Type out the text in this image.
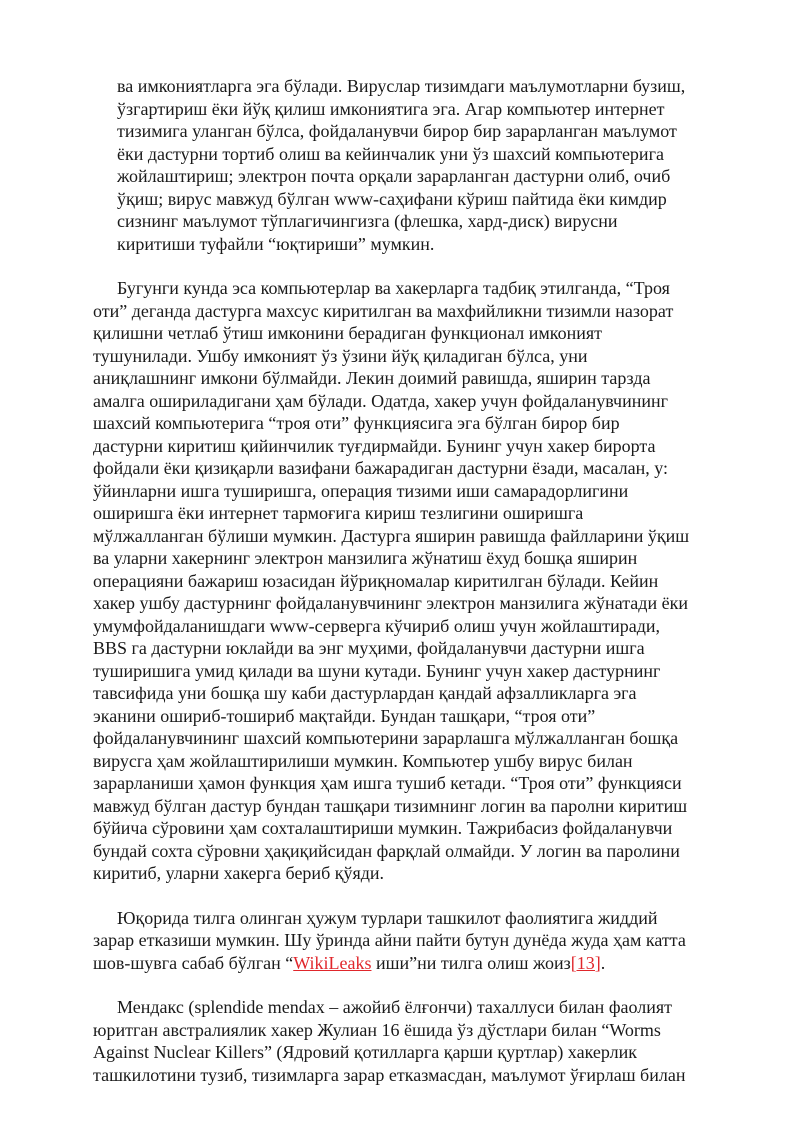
ва имкониятларга эга бўлади. Вируслар тизимдаги маълумотларни бузиш,
ўзгартириш ёки йўқ қилиш имкониятига эга. Агар компьютер интернет
тизимига уланган бўлса, фойдаланувчи бирор бир зарарланган маълумот
ёки дастурни тортиб олиш ва кейинчалик уни ўз шахсий компьютерига
жойлаштириш; электрон почта орқали зарарланган дастурни олиб, очиб
ўқиш; вирус мавжуд бўлган www-саҳифани кўриш пайтида ёки кимдир
сизнинг маълумот тўплагичингизга (флешка, хард-диск) вирусни
киритиши туфайли “юқтириши” мумкин.
Бугунги кунда эса компьютерлар ва хакерларга тадбиқ этилганда, “Троя
оти” деганда дастурга махсус киритилган ва махфийликни тизимли назорат
қилишни четлаб ўтиш имконини берадиган функционал имконият
тушунилади. Ушбу имконият ўз ўзини йўқ қиладиган бўлса, уни
аниқлашнинг имкони бўлмайди. Лекин доимий равишда, яширин тарзда
амалга ошириладигани ҳам бўлади. Одатда, хакер учун фойдаланувчининг
шахсий компьютерига “троя оти” функциясига эга бўлган бирор бир
дастурни киритиш қийинчилик туғдирмайди. Бунинг учун хакер бирорта
фойдали ёки қизиқарли вазифани бажарадиган дастурни ёзади, масалан, у:
ўйинларни ишга туширишга, операция тизими иши самарадорлигини
оширишга ёки интернет тармоғига кириш тезлигини оширишга
мўлжалланган бўлиши мумкин. Дастурга яширин равишда файлларини ўқиш
ва уларни хакернинг электрон манзилига жўнатиш ёхуд бошқа яширин
операцияни бажариш юзасидан йўриқномалар киритилган бўлади. Кейин
хакер ушбу дастурнинг фойдаланувчининг электрон манзилига жўнатади ёки
умумфойдаланишдаги www-серверга кўчириб олиш учун жойлаштиради,
BBS га дастурни юклайди ва энг муҳими, фойдаланувчи дастурни ишга
туширишига умид қилади ва шуни кутади. Бунинг учун хакер дастурнинг
тавсифида уни бошқа шу каби дастурлардан қандай афзалликларга эга
эканини ошириб-тошириб мақтайди. Бундан ташқари, “троя оти”
фойдаланувчининг шахсий компьютерини зарарлашга мўлжалланган бошқа
вирусга ҳам жойлаштирилиши мумкин. Компьютер ушбу вирус билан
зарарланиши ҳамон функция ҳам ишга тушиб кетади. “Троя оти” функцияси
мавжуд бўлган дастур бундан ташқари тизимнинг логин ва паролни киритиш
бўйича сўровини ҳам сохталаштириши мумкин. Тажрибасиз фойдаланувчи
бундай сохта сўровни ҳақиқийсидан фарқлай олмайди. У логин ва паролини
киритиб, уларни хакерга бериб қўяди.
Юқорида тилга олинган ҳужум турлари ташкилот фаолиятига жиддий
зарар етказиши мумкин. Шу ўринда айни пайти бутун дунёда жуда ҳам катта
шов-шувга сабаб бўлган “WikiLeaks иши”ни тилга олиш жоиз[13].
Мендакс (splendide mendax – ажойиб ёлғончи) тахаллуси билан фаолият
юритган австралиялик хакер Жулиан 16 ёшида ўз дўстлари билан “Worms
Against Nuclear Killers” (Ядровий қотилларга қарши қуртлар) хакерлик
ташкилотини тузиб, тизимларга зарар етказмасдан, маълумот ўғирлаш билан
